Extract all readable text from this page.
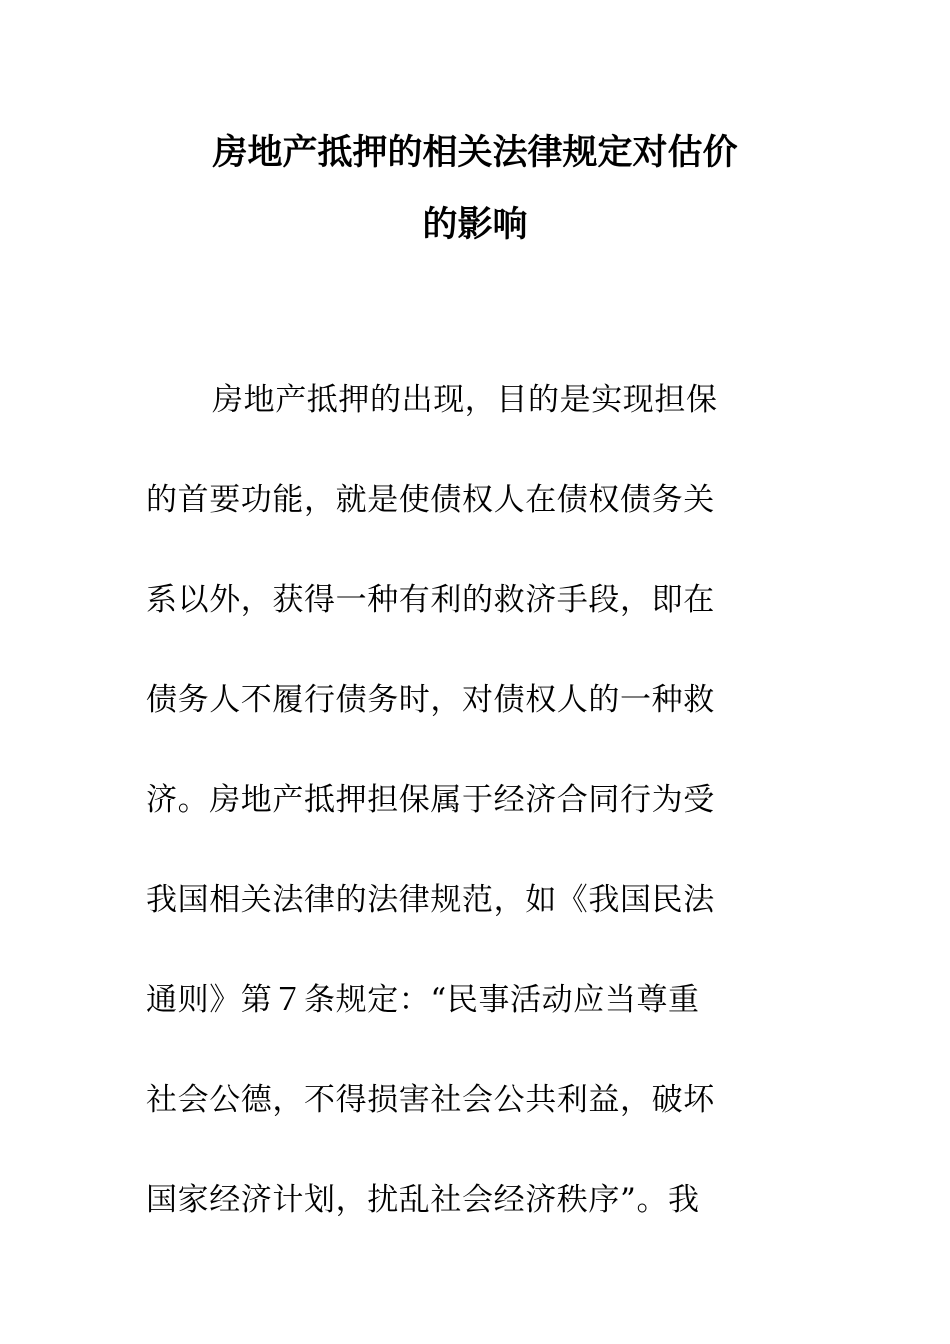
房地产抵押的相关法律规定对估价
的影响
房地产抵押的出现，目的是实现担保
的首要功能，就是使债权人在债权债务关
系以外，获得一种有利的救济手段，即在
债务人不履行债务时，对债权人的一种救
济。房地产抵押担保属于经济合同行为受
我国相关法律的法律规范，如《我国民法
通则》第７条规定：“民事活动应当尊重
社会公德，不得损害社会公共利益，破坏
国家经济计划，扰乱社会经济秩序”。我
